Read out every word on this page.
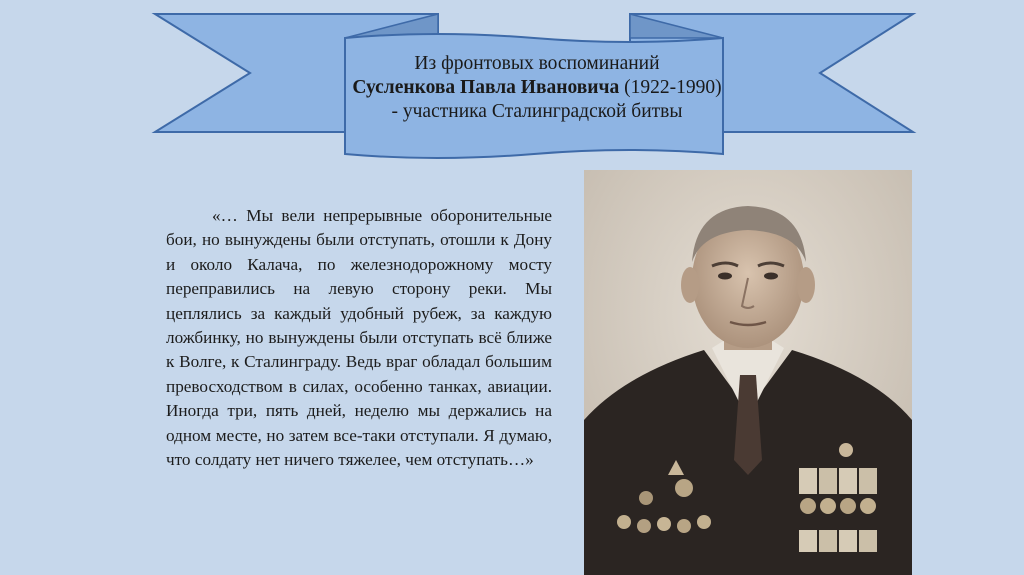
Из фронтовых воспоминаний
Сусленкова Павла Ивановича (1922-1990) - участника Сталинградской битвы
«… Мы вели непрерывные оборонительные бои, но вынуждены были отступать, отошли к Дону и около Калача, по железнодорожному мосту переправились на левую сторону реки. Мы цеплялись за каждый удобный рубеж, за каждую ложбинку, но вынуждены были отступать всё ближе к Волге, к Сталинграду. Ведь враг обладал большим превосходством в силах, особенно танках, авиации. Иногда три, пять дней, неделю мы держались на одном месте, но затем все-таки отступали. Я думаю, что солдату нет ничего тяжелее, чем отступать…»
